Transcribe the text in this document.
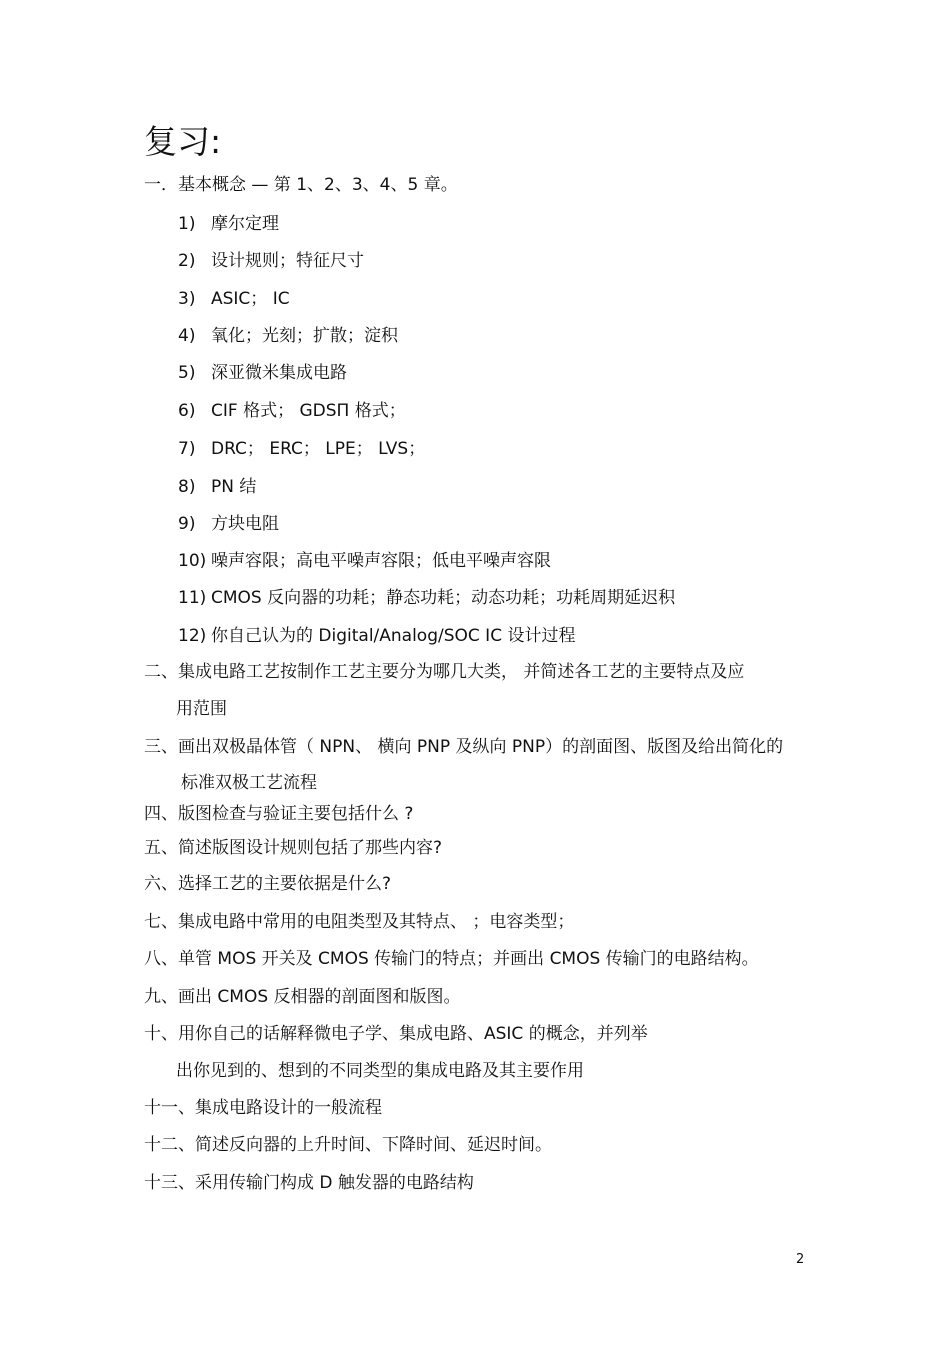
复习:
一．基本概念 — 第 1、2、3、4、5 章。
1) 摩尔定理
2) 设计规则；特征尺寸
3) ASIC； IC
4) 氧化；光刻；扩散；淀积
5) 深亚微米集成电路
6) CIF 格式； GDSΠ 格式；
7) DRC； ERC； LPE； LVS；
8) PN 结
9) 方块电阻
10) 噪声容限；高电平噪声容限；低电平噪声容限
11) CMOS 反向器的功耗；静态功耗；动态功耗；功耗周期延迟积
12) 你自己认为的 Digital/Analog/SOC IC 设计过程
二、集成电路工艺按制作工艺主要分为哪几大类， 并简述各工艺的主要特点及应
用范围
三、画出双极晶体管（ NPN、 横向 PNP 及纵向 PNP）的剖面图、版图及给出简化的
标准双极工艺流程
四、版图检查与验证主要包括什么 ?
五、简述版图设计规则包括了那些内容?
六、选择工艺的主要依据是什么?
七、集成电路中常用的电阻类型及其特点、 ；电容类型；
八、单管 MOS 开关及 CMOS 传输门的特点；并画出 CMOS 传输门的电路结构。
九、画出 CMOS 反相器的剖面图和版图。
十、用你自己的话解释微电子学、集成电路、ASIC 的概念，并列举
出你见到的、想到的不同类型的集成电路及其主要作用
十一、集成电路设计的一般流程
十二、简述反向器的上升时间、下降时间、延迟时间。
十三、采用传输门构成 D 触发器的电路结构
2
